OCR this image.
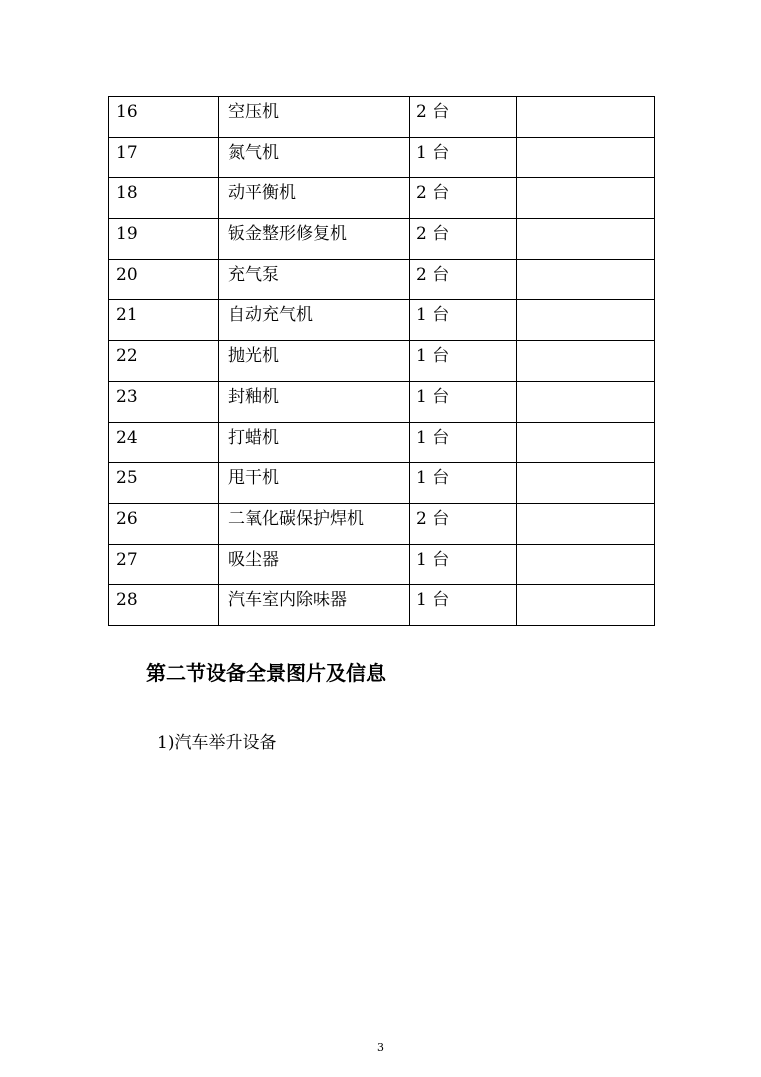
16	空压机	2 台	

17	氮气机	1 台	

18	动平衡机	2 台	

19	钣金整形修复机	2 台	

20	充气泵	2 台	

21	自动充气机	1 台	

22	抛光机	1 台	

23	封釉机	1 台	

24	打蜡机	1 台	

25	甩干机	1 台	

26	二氧化碳保护焊机	2 台	

27	吸尘器	1 台	

28	汽车室内除味器	1 台	

第二节设备全景图片及信息

1)汽车举升设备

3
